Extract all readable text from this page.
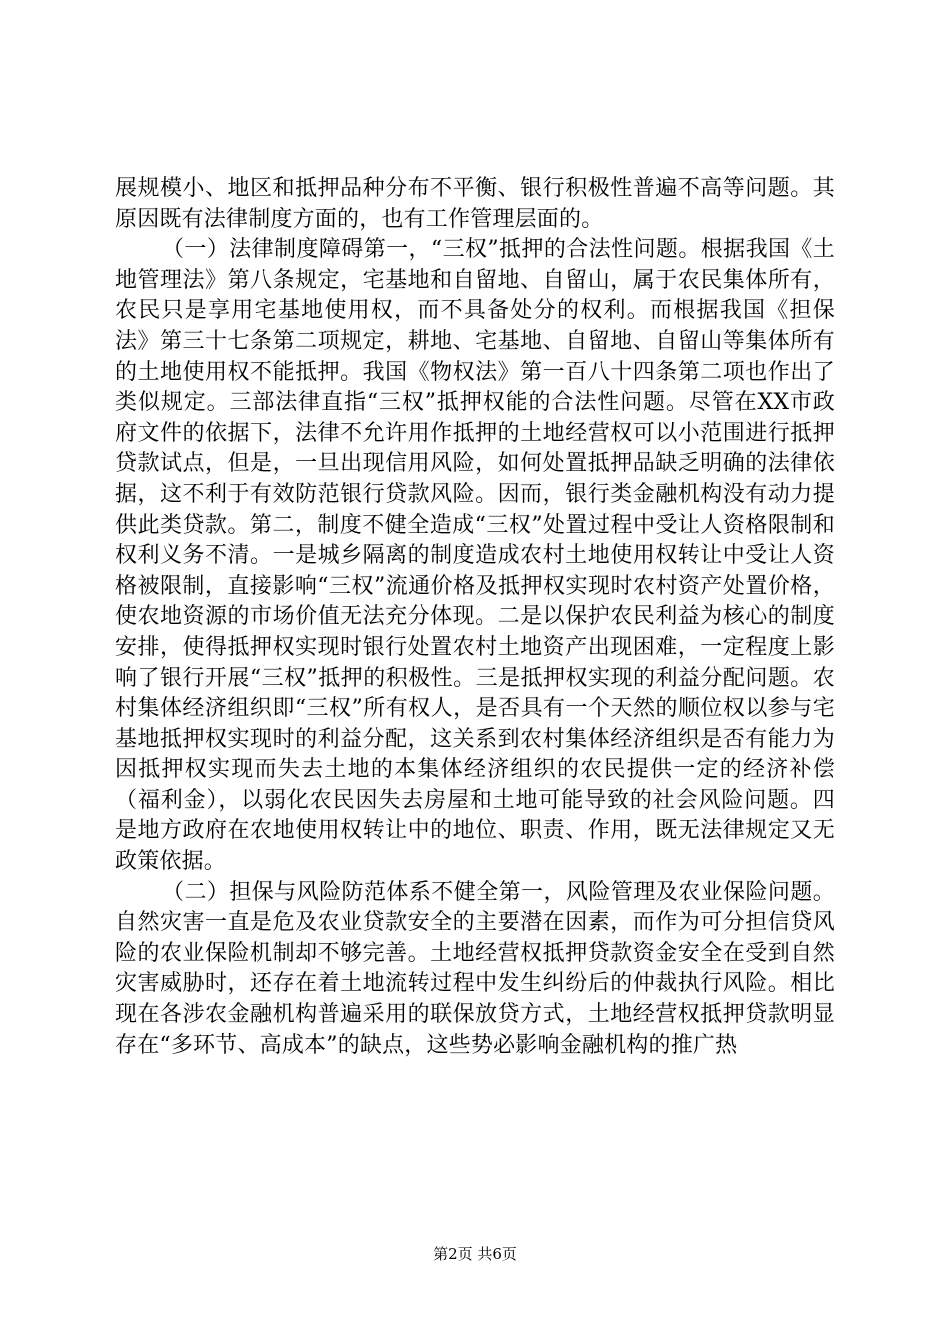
展规模小、地区和抵押品种分布不平衡、银行积极性普遍不高等问题。其原因既有法律制度方面的，也有工作管理层面的。

（一）法律制度障碍第一，“三权”抵押的合法性问题。根据我国《土地管理法》第八条规定，宅基地和自留地、自留山，属于农民集体所有，农民只是享用宅基地使用权，而不具备处分的权利。而根据我国《担保法》第三十七条第二项规定，耕地、宅基地、自留地、自留山等集体所有的土地使用权不能抵押。我国《物权法》第一百八十四条第二项也作出了类似规定。三部法律直指“三权”抵押权能的合法性问题。尽管在XX市政府文件的依据下，法律不允许用作抵押的土地经营权可以小范围进行抵押贷款试点，但是，一旦出现信用风险，如何处置抵押品缺乏明确的法律依据，这不利于有效防范银行贷款风险。因而，银行类金融机构没有动力提供此类贷款。第二，制度不健全造成“三权”处置过程中受让人资格限制和权利义务不清。一是城乡隔离的制度造成农村土地使用权转让中受让人资格被限制，直接影响“三权”流通价格及抵押权实现时农村资产处置价格，使农地资源的市场价值无法充分体现。二是以保护农民利益为核心的制度安排，使得抵押权实现时银行处置农村土地资产出现困难，一定程度上影响了银行开展“三权”抵押的积极性。三是抵押权实现的利益分配问题。农村集体经济组织即“三权”所有权人，是否具有一个天然的顺位权以参与宅基地抵押权实现时的利益分配，这关系到农村集体经济组织是否有能力为因抵押权实现而失去土地的本集体经济组织的农民提供一定的经济补偿（福利金），以弱化农民因失去房屋和土地可能导致的社会风险问题。四是地方政府在农地使用权转让中的地位、职责、作用，既无法律规定又无政策依据。

（二）担保与风险防范体系不健全第一，风险管理及农业保险问题。自然灾害一直是危及农业贷款安全的主要潜在因素，而作为可分担信贷风险的农业保险机制却不够完善。土地经营权抵押贷款资金安全在受到自然灾害威胁时，还存在着土地流转过程中发生纠纷后的仲裁执行风险。相比现在各涉农金融机构普遍采用的联保放贷方式，土地经营权抵押贷款明显存在“多环节、高成本”的缺点，这些势必影响金融机构的推广热

第2页 共6页
